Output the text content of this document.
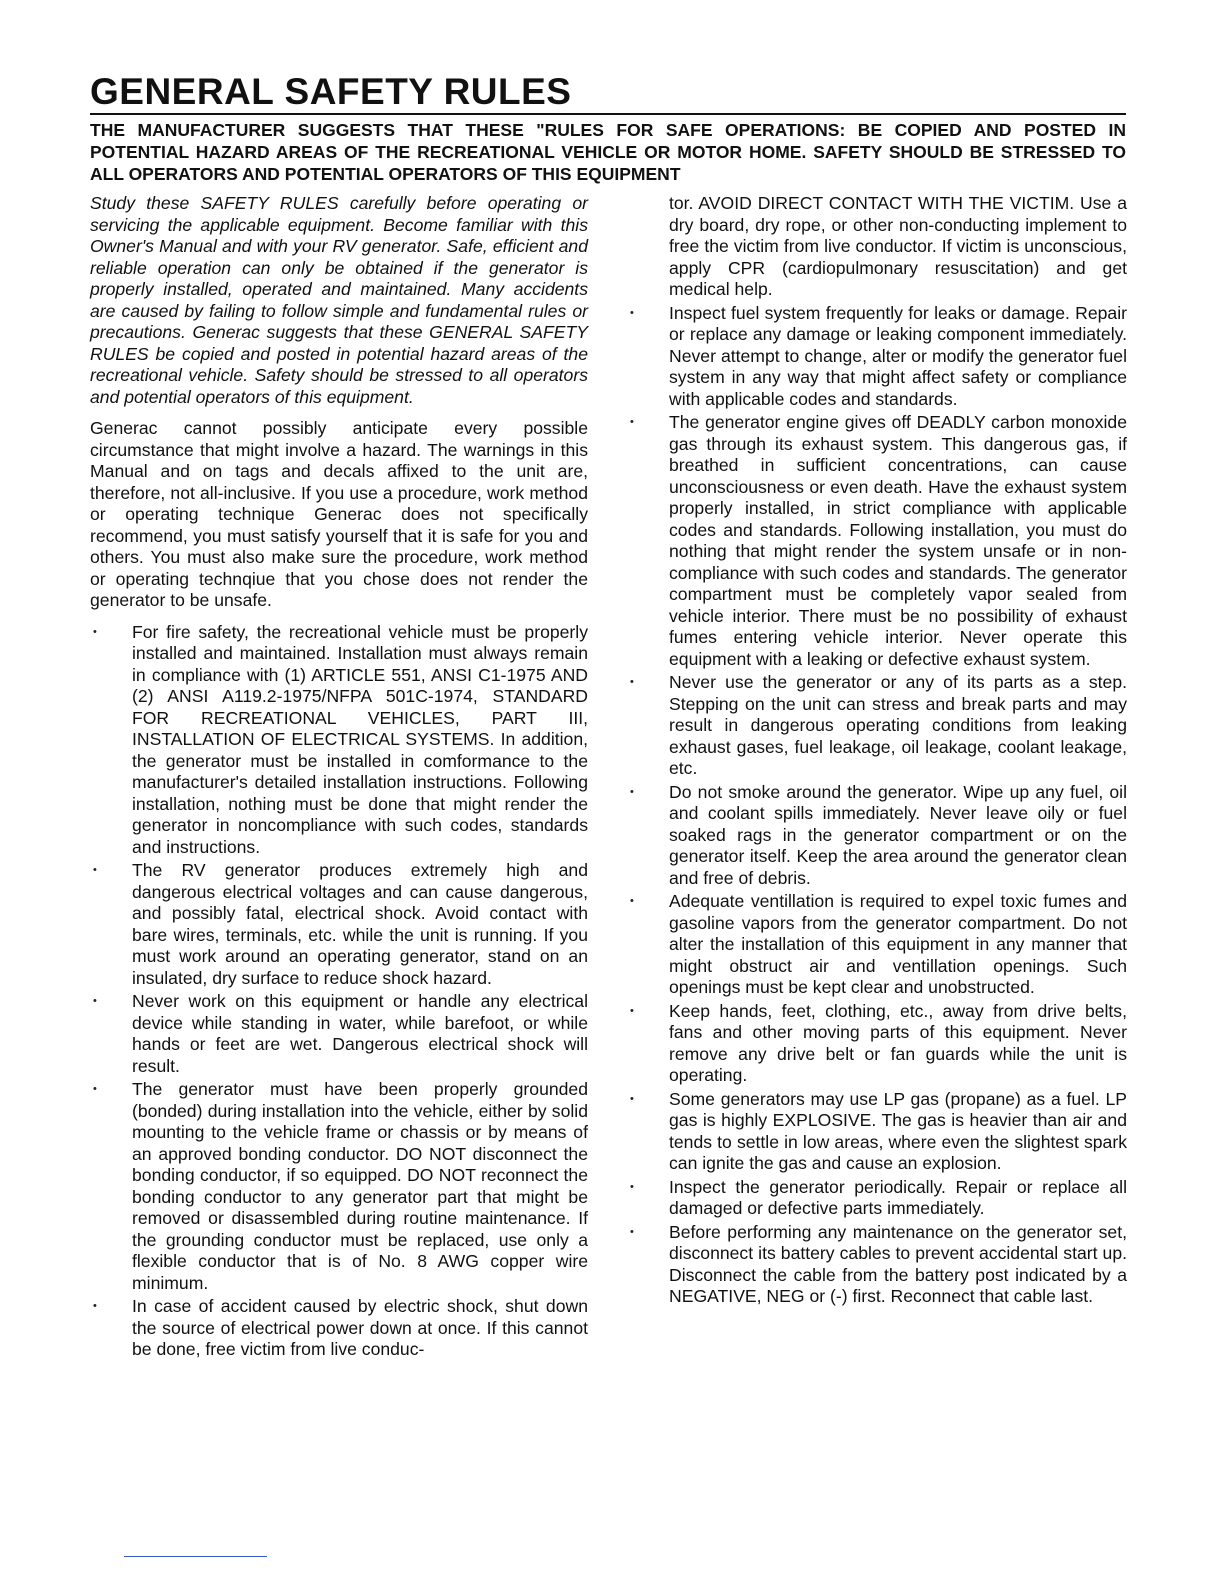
GENERAL SAFETY RULES

THE MANUFACTURER SUGGESTS THAT THESE "RULES FOR SAFE OPERATIONS: BE COPIED AND POSTED IN POTENTIAL HAZARD AREAS OF THE RECREATIONAL VEHICLE OR MOTOR HOME. SAFETY SHOULD BE STRESSED TO ALL OPERATORS AND POTENTIAL OPERATORS OF THIS EQUIPMENT

Study these SAFETY RULES carefully before operating or servicing the applicable equipment. Become familiar with this Owner's Manual and with your RV generator. Safe, efficient and reliable operation can only be obtained if the generator is properly installed, operated and maintained. Many accidents are caused by failing to follow simple and fundamental rules or precautions. Generac suggests that these GENERAL SAFETY RULES be copied and posted in potential hazard areas of the recreational vehicle. Safety should be stressed to all operators and potential operators of this equipment.

Generac cannot possibly anticipate every possible circumstance that might involve a hazard. The warnings in this Manual and on tags and decals affixed to the unit are, therefore, not all-inclusive. If you use a procedure, work method or operating technique Generac does not specifically recommend, you must satisfy yourself that it is safe for you and others. You must also make sure the procedure, work method or operating technqiue that you chose does not render the generator to be unsafe.

• For fire safety, the recreational vehicle must be properly installed and maintained. Installation must always remain in compliance with (1) ARTICLE 551, ANSI C1-1975 AND (2) ANSI A119.2-1975/NFPA 501C-1974, STANDARD FOR RECREATIONAL VEHICLES, PART III, INSTALLATION OF ELECTRICAL SYSTEMS. In addition, the generator must be installed in comformance to the manufacturer's detailed installation instructions. Following installation, nothing must be done that might render the generator in noncompliance with such codes, standards and instructions.
• The RV generator produces extremely high and dangerous electrical voltages and can cause dangerous, and possibly fatal, electrical shock. Avoid contact with bare wires, terminals, etc. while the unit is running. If you must work around an operating generator, stand on an insulated, dry surface to reduce shock hazard.
• Never work on this equipment or handle any electrical device while standing in water, while barefoot, or while hands or feet are wet. Dangerous electrical shock will result.
• The generator must have been properly grounded (bonded) during installation into the vehicle, either by solid mounting to the vehicle frame or chassis or by means of an approved bonding conductor. DO NOT disconnect the bonding conductor, if so equipped. DO NOT reconnect the bonding conductor to any generator part that might be removed or disassembled during routine maintenance. If the grounding conductor must be replaced, use only a flexible conductor that is of No. 8 AWG copper wire minimum.
• In case of accident caused by electric shock, shut down the source of electrical power down at once. If this cannot be done, free victim from live conduc-

tor. AVOID DIRECT CONTACT WITH THE VICTIM. Use a dry board, dry rope, or other non-conducting implement to free the victim from live conductor. If victim is unconscious, apply CPR (cardiopulmonary resuscitation) and get medical help.

• Inspect fuel system frequently for leaks or damage. Repair or replace any damage or leaking component immediately. Never attempt to change, alter or modify the generator fuel system in any way that might affect safety or compliance with applicable codes and standards.
• The generator engine gives off DEADLY carbon monoxide gas through its exhaust system. This dangerous gas, if breathed in sufficient concentrations, can cause unconsciousness or even death. Have the exhaust system properly installed, in strict compliance with applicable codes and standards. Following installation, you must do nothing that might render the system unsafe or in non-compliance with such codes and standards. The generator compartment must be completely vapor sealed from vehicle interior. There must be no possibility of exhaust fumes entering vehicle interior. Never operate this equipment with a leaking or defective exhaust system.
• Never use the generator or any of its parts as a step. Stepping on the unit can stress and break parts and may result in dangerous operating conditions from leaking exhaust gases, fuel leakage, oil leakage, coolant leakage, etc.
• Do not smoke around the generator. Wipe up any fuel, oil and coolant spills immediately. Never leave oily or fuel soaked rags in the generator compartment or on the generator itself. Keep the area around the generator clean and free of debris.
• Adequate ventillation is required to expel toxic fumes and gasoline vapors from the generator compartment. Do not alter the installation of this equipment in any manner that might obstruct air and ventillation openings. Such openings must be kept clear and unobstructed.
• Keep hands, feet, clothing, etc., away from drive belts, fans and other moving parts of this equipment. Never remove any drive belt or fan guards while the unit is operating.
• Some generators may use LP gas (propane) as a fuel. LP gas is highly EXPLOSIVE. The gas is heavier than air and tends to settle in low areas, where even the slightest spark can ignite the gas and cause an explosion.
• Inspect the generator periodically. Repair or replace all damaged or defective parts immediately.
• Before performing any maintenance on the generator set, disconnect its battery cables to prevent accidental start up. Disconnect the cable from the battery post indicated by a NEGATIVE, NEG or (-) first. Reconnect that cable last.
